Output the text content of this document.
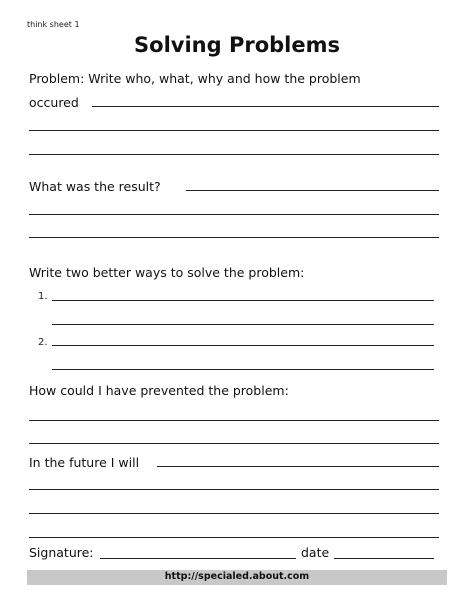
think sheet 1
Solving Problems
Problem: Write who, what, why and how the problem
occured
What was the result?
Write two better ways to solve the problem:
1.
2.
How could I have prevented the problem:
In the future I will
Signature:	date
http://specialed.about.com
